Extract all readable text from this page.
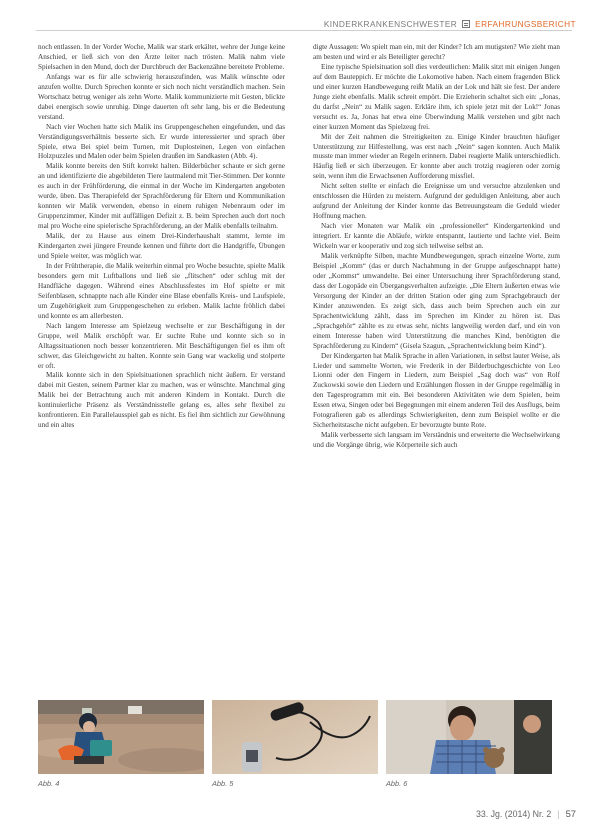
KINDERKRANKENSCHWESTER ERFAHRUNGSBERICHT

noch entlassen. In der Vorder Woche, Malik war stark erkältet, wehre der Junge keine Anschied, er ließ sich von den Ärzte leiter nach trösten. Malik nahm viele Spielsachen in den Mund, doch der Durchbruch der Backenzähne bereitete Probleme.

Anfangs war es für alle schwierig herauszufinden, was Malik wünschte oder anzufen wollte. Durch Sprechen konnte er sich noch nicht verständlich machen. Sein Wortschatz betrug weniger als zehn Worte. Malik kommunizierte mit Gesten, blickte dabei energisch sowie unruhig. Dinge dauerten oft sehr lang, bis er die Bedeutung verstand.

Nach vier Wochen hatte sich Malik ins Gruppengeschehen eingefunden, und das Verständigungsverhältnis besserte sich. Er wurde interessierter und sprach über Spiele, etwa Bei spiel beim Turnen, mit Duplosteinen, Legen von einfachen Holzpuzzles und Malen oder beim Spielen draußen im Sandkasten (Abb. 4).

Malik konnte bereits den Stift korrekt halten. Bilderbücher schaute er sich gerne an und identifizierte die abgebildeten Tiere lautmalend mit Tier-Stimmen. Der konnte es auch in der Frühförderung, die einmal in der Woche im Kindergarten angeboten wurde, üben. Das Therapiefeld der Sprachförderung für Eltern und Kommunikation konnten wir Malik verwenden, ebenso in einem ruhigen Nebenraum oder im Gruppenzimmer, Kinder mit auffälligen Defizit z. B. beim Sprechen auch dort noch mal pro Woche eine spielerische Sprachförderung, an der Malik ebenfalls teilnahm.

Malik, der zu Hause aus einem Drei-Kinderhaushalt stammt, lernte im Kindergarten zwei jüngere Freunde kennen und führte dort die Handgriffe, Übungen und Spiele weiter, was möglich war.

In der Frühtherapie, die Malik weiterhin einmal pro Woche besuchte, spielte Malik besonders gern mit Luftballons und ließ sie „flitschen“ oder schlug mit der Handfläche dagegen. Während eines Abschlussfestes im Hof spielte er mit Seifenblasen, schnappte nach alle Kinder eine Blase ebenfalls Kreis- und Laufspiele, um Zugehörigkeit zum Gruppengeschehen zu erleben. Malik lachte fröhlich dabei und konnte es am allerbesten.

Nach langem Interesse am Spielzeug wechselte er zur Beschäftigung in der Gruppe, weil Malik erschöpft war. Er suchte Ruhe und konnte sich so in Alltagssituationen noch besser konzentrieren. Mit Beschäftigungen fiel es ihm oft schwer, das Gleichgewicht zu halten. Konnte sein Gang war wackelig und stolperte er oft.

Malik konnte sich in den Spielsituationen sprachlich nicht äußern. Er verstand dabei mit Gesten, seinem Partner klar zu machen, was er wünschte. Manchmal ging Malik bei der Betrachtung auch mit anderen Kindern in Kontakt. Durch die kontinuierliche Präsenz als Verständnisstelle gelang es, alles sehr flexibel zu konfrontieren. Ein Parallelausspiel gab es nicht. Es fiel ihm sichtlich zur Gewöhnung und ein altes

digte Aussagen: Wo spielt man ein, mit der Kinder? Ich am mutigsten? Wie zieht man am besten und wird er als Beteiligter gerecht?

Eine typische Spielsituation soll dies verdeutlichen: Malik sitzt mit einigen Jungen auf dem Bauteppich. Er möchte die Lokomotive haben. Nach einem fragenden Blick und einer kurzen Handbewegung reißt Malik an der Lok und hält sie fest. Der andere Junge zieht ebenfalls. Malik schreit empört. Die Erzieherin schaltet sich ein: „Jonas, du darfst „Nein“ zu Malik sagen. Erkläre ihm, ich spiele jetzt mit der Lok!“ Jonas versucht es. Ja, Jonas hat etwa eine Überwindung Malik verstehen und gibt nach einer kurzen Moment das Spielzeug frei.

Mit der Zeit nahmen die Streitigkeiten zu. Einige Kinder brauchten häufiger Unterstützung zur Hilfestellung, was erst nach „Nein“ sagen konnten. Auch Malik musste man immer wieder an Regeln erinnern. Dabei reagierte Malik unterschiedlich. Häufig ließ er sich überzeugen. Er konnte aber auch trotzig reagieren oder zornig sein, wenn ihm die Erwachsenen Aufforderung missfiel.

Nicht selten stellte er einfach die Ereignisse um und versuchte abzulenken und entschlossen die Hürden zu meistern. Aufgrund der geduldigen Anleitung, aber auch aufgrund der Anleitung der Kinder konnte das Betreuungsteam die Geduld wieder Hoffnung machen.

Nach vier Monaten war Malik ein „professioneller“ Kindergartenkind und integriert. Er kannte die Abläufe, wirkte entspannt, lautierte und lachte viel. Beim Wickeln war er kooperativ und zog sich teilweise selbst an.

Malik verknüpfte Silben, machte Mundbewegungen, sprach einzelne Worte, zum Beispiel „Komm“ (das er durch Nachahmung in der Gruppe aufgeschnappt hatte) oder „Kommst“ umwandelte. Bei einer Untersuchung ihrer Sprachförderung stand, dass der Logopäde ein Übergangsverhalten aufzeigte. „Die Eltern äußerten etwas wie Versorgung der Kinder an der dritten Station oder ging zum Sprachgebrauch der Kinder anzuwenden. Es zeigt sich, dass auch beim Sprechen auch ein zur Sprachentwicklung zählt, dass im Sprechen im Kinder zu hören ist. Das „Sprachgehör“ zählte es zu etwas sehr, nichts langweilig werden darf, und ein von einem Interesse haben wird Unterstützung die manches Kind, benötigten die Sprachförderung zu Kindern“ (Gisela Szagun, „Sprachentwicklung beim Kind“).

Der Kindergarten hat Malik Sprache in allen Variationen, in selbst lauter Weise, als Lieder und sammelte Worten, wie Frederik in der Bilderbuchgeschichte von Leo Lionni oder den Fingern in Liedern, zum Beispiel „Sag doch was“ von Rolf Zuckowski sowie den Liedern und Erzählungen flossen in der Gruppe regelmäßig in den Tagesprogramm mit ein. Bei besonderen Aktivitäten wie dem Spielen, beim Essen etwa, Singen oder bei Begegnungen mit einem anderen Teil des Ausflugs, beim Fotografieren gab es allerdings Schwierigkeiten, denn zum Beispiel wollte er die Sicherheitstasche nicht aufgeben. Er bevorzugte bunte Rote.

Malik verbesserte sich langsam im Verständnis und erweiterte die Wechselwirkung und die Vorgänge übrig, wie Körperteile sich auch

Abb. 4	Abb. 5	Abb. 6
33. Jg. (2014) Nr. 2 | 57
